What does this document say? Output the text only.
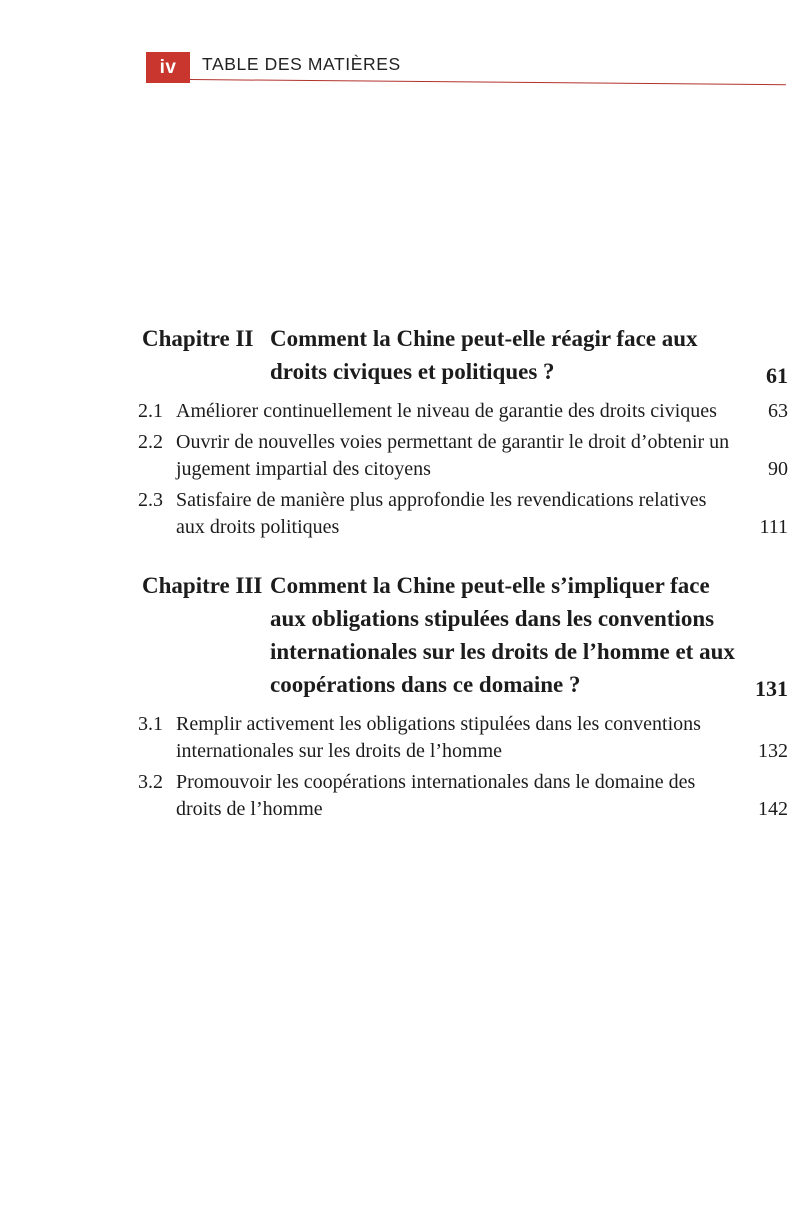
iv	TABLE DES MATIÈRES
Chapitre II Comment la Chine peut-elle réagir face aux droits civiques et politiques ?	61
2.1 Améliorer continuellement le niveau de garantie des droits civiques	63
2.2 Ouvrir de nouvelles voies permettant de garantir le droit d’obtenir un jugement impartial des citoyens	90
2.3 Satisfaire de manière plus approfondie les revendications relatives aux droits politiques	111
Chapitre III Comment la Chine peut-elle s’impliquer face aux obligations stipulées dans les conventions internationales sur les droits de l’homme et aux coopérations dans ce domaine ?	131
3.1 Remplir activement les obligations stipulées dans les conventions internationales sur les droits de l’homme	132
3.2 Promouvoir les coopérations internationales dans le domaine des droits de l’homme	142
